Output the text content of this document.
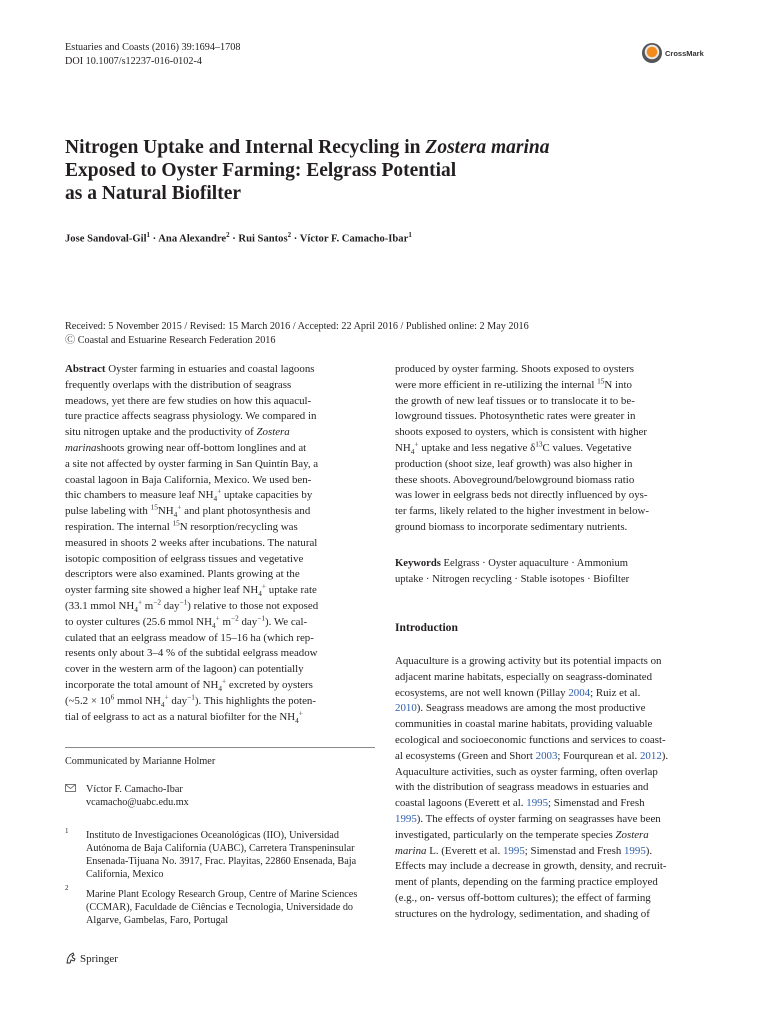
Estuaries and Coasts (2016) 39:1694–1708
DOI 10.1007/s12237-016-0102-4
CrossMark
Nitrogen Uptake and Internal Recycling in Zostera marina
Exposed to Oyster Farming: Eelgrass Potential
as a Natural Biofilter
Jose Sandoval-Gil$^1$ · Ana Alexandre$^2$ · Rui Santos$^2$ · Víctor F. Camacho-Ibar$^1$
Received: 5 November 2015 / Revised: 15 March 2016 / Accepted: 22 April 2016 / Published online: 2 May 2016
Ⓒ Coastal and Estuarine Research Federation 2016
Abstract Oyster farming in estuaries and coastal lagoons
frequently overlaps with the distribution of seagrass
meadows, yet there are few studies on how this aquacul-
ture practice affects seagrass physiology. We compared in
situ nitrogen uptake and the productivity of Zostera
marinashoots growing near off-bottom longlines and at
a site not affected by oyster farming in San Quintín Bay, a
coastal lagoon in Baja California, Mexico. We used ben-
thic chambers to measure leaf $NH_4^+$ uptake capacities by
pulse labeling with $^{15}NH_4^+$ and plant photosynthesis and
respiration. The internal $^{15}$N resorption/recycling was
measured in shoots 2 weeks after incubations. The natural
isotopic composition of eelgrass tissues and vegetative
descriptors were also examined. Plants growing at the
oyster farming site showed a higher leaf $NH_4^+$ uptake rate
(33.1 mmol $NH_4^+$ $m^{-2}$ day$^{-1}$) relative to those not exposed
to oyster cultures (25.6 mmol $NH_4^+$ $m^{-2}$ day$^{-1}$). We cal-
culated that an eelgrass meadow of 15–16 ha (which rep-
resents only about 3–4 % of the subtidal eelgrass meadow
cover in the western arm of the lagoon) can potentially
incorporate the total amount of $NH_4^+$ excreted by oysters
(~5.2 × $10^6$ mmol $NH_4^+$ day$^{-1}$). This highlights the poten-
tial of eelgrass to act as a natural biofilter for the $NH_4^+$
Communicated by Marianne Holmer
Víctor F. Camacho-Ibar
vcamacho@uabc.edu.mx
1 Instituto de Investigaciones Oceanológicas (IIO), Universidad
Autónoma de Baja California (UABC), Carretera Transpeninsular
Ensenada-Tijuana No. 3917, Frac. Playitas, 22860 Ensenada, Baja
California, Mexico
2
Marine Plant Ecology Research Group, Centre of Marine Sciences
(CCMAR), Faculdade de Ciências e Tecnologia, Universidade do
Algarve, Gambelas, Faro, Portugal
Springer
produced by oyster farming. Shoots exposed to oysters
were more efficient in re-utilizing the internal $^{15}$N into
the growth of new leaf tissues or to translocate it to be-
lowground tissues. Photosynthetic rates were greater in
shoots exposed to oysters, which is consistent with higher
$NH_4^+$ uptake and less negative $\delta^{13}C$ values. Vegetative
production (shoot size, leaf growth) was also higher in
these shoots. Aboveground/belowground biomass ratio
was lower in eelgrass beds not directly influenced by oys-
ter farms, likely related to the higher investment in below-
ground biomass to incorporate sedimentary nutrients.
Keywords Eelgrass · Oyster aquaculture · Ammonium
uptake · Nitrogen recycling · Stable isotopes · Biofilter
Introduction
Aquaculture is a growing activity but its potential impacts on
adjacent marine habitats, especially on seagrass-dominated
ecosystems, are not well known (Pillay 2004; Ruiz et al.
2010). Seagrass meadows are among the most productive
communities in coastal marine habitats, providing valuable
ecological and socioeconomic functions and services to coast-
al ecosystems (Green and Short 2003; Fourqurean et al. 2012).
Aquaculture activities, such as oyster farming, often overlap
with the distribution of seagrass meadows in estuaries and
coastal lagoons (Everett et al. 1995; Simenstad and Fresh
1995). The effects of oyster farming on seagrasses have been
investigated, particularly on the temperate species Zostera
marina L. (Everett et al. 1995; Simenstad and Fresh 1995).
Effects may include a decrease in growth, density, and recruit-
ment of plants, depending on the farming practice employed
(e.g., on- versus off-bottom cultures); the effect of farming
structures on the hydrology, sedimentation, and shading of
